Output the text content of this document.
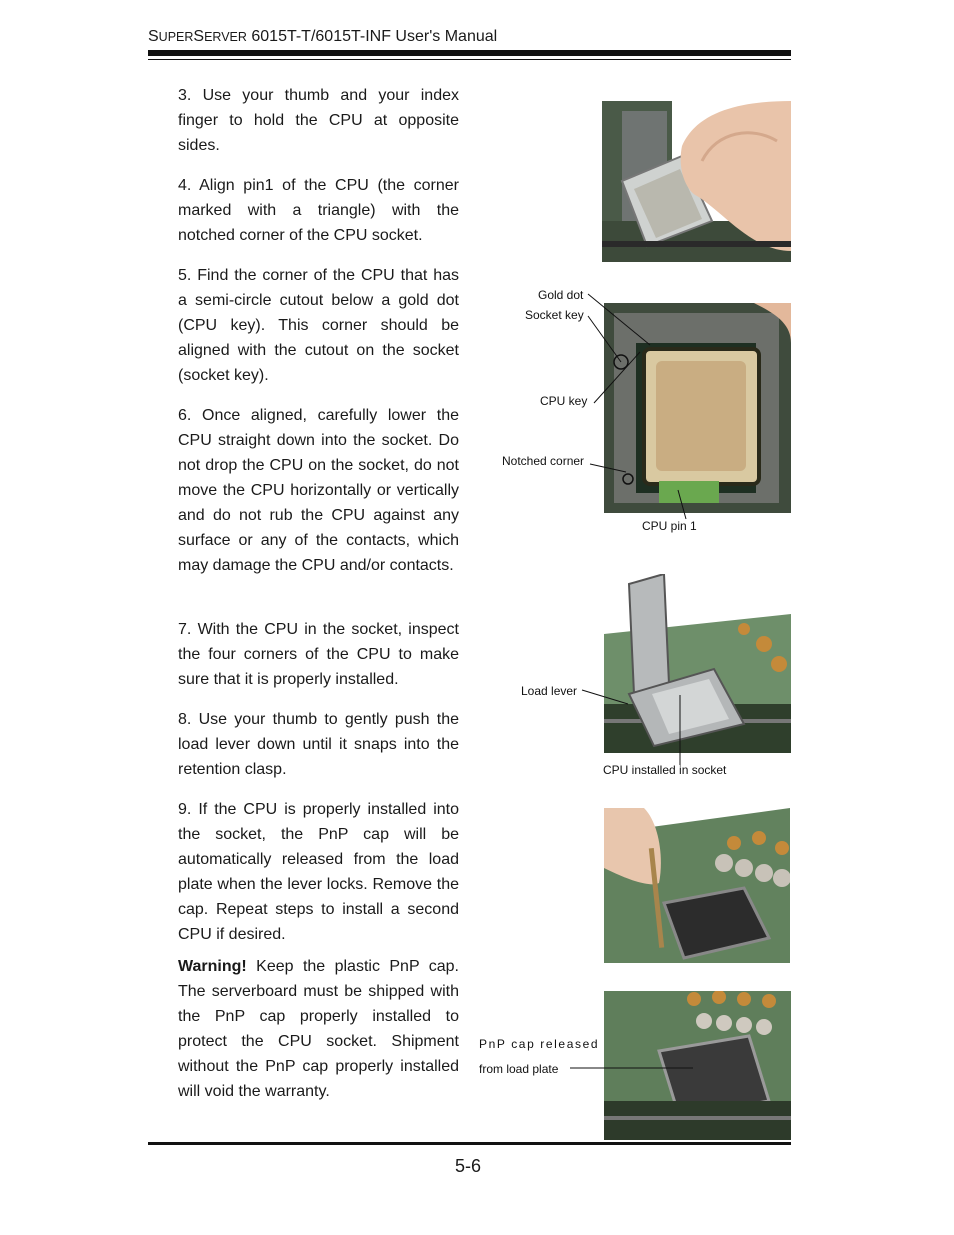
SUPERSERVER 6015T-T/6015T-INF User's Manual

3. Use your thumb and your index finger to hold the CPU at opposite sides.

4. Align pin1 of the CPU (the corner marked with a triangle) with the notched corner of the CPU socket.

5. Find the corner of the CPU that has a semi-circle cutout below a gold dot (CPU key). This corner should be aligned with the cutout on the socket (socket key).

6. Once aligned, carefully lower the CPU straight down into the socket. Do not drop the CPU on the socket, do not move the CPU horizontally or vertically and do not rub the CPU against any surface or any of the contacts, which may damage the CPU and/or contacts.

7. With the CPU in the socket, inspect the four corners of the CPU to make sure that it is properly installed.

8. Use your thumb to gently push the load lever down until it snaps into the retention clasp.

9. If the CPU is properly installed into the socket, the PnP cap will be automatically released from the load plate when the lever locks. Remove the cap. Repeat steps to install a second CPU if desired.

Warning! Keep the plastic PnP cap. The serverboard must be shipped with the PnP cap properly installed to protect the CPU socket. Shipment without the PnP cap properly installed will void the warranty.

Gold dot
Socket key
CPU key
Notched corner
CPU pin 1
Load lever
CPU installed in socket
PnP cap released
from load plate
5-6
